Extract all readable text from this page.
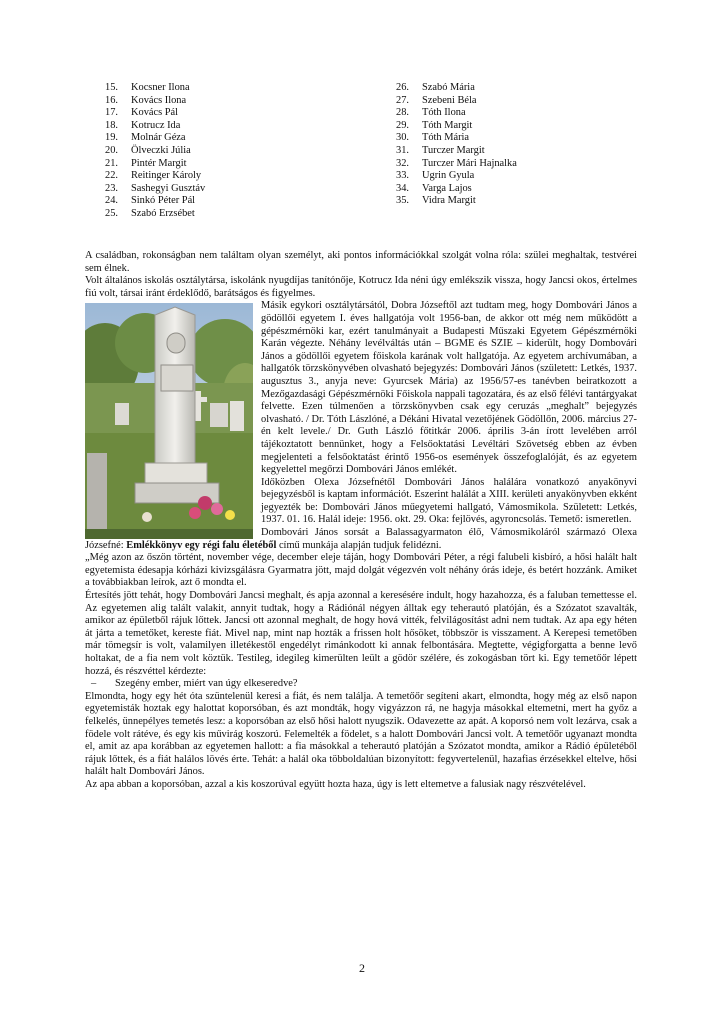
15. Kocsner Ilona
16. Kovács Ilona
17. Kovács Pál
18. Kotrucz Ida
19. Molnár Géza
20. Ölveczki Júlia
21. Pintér Margit
22. Reitinger Károly
23. Sashegyi Gusztáv
24. Sinkó Péter Pál
25. Szabó Erzsébet
26. Szabó Mária
27. Szebeni Béla
28. Tóth Ilona
29. Tóth Margit
30. Tóth Mária
31. Turczer Margit
32. Turczer Mári Hajnalka
33. Ugrin Gyula
34. Varga Lajos
35. Vidra Margit

A családban, rokonságban nem találtam olyan személyt, aki pontos információkkal szolgát volna róla: szülei meghaltak, testvérei sem élnek.

Volt általános iskolás osztálytársa, iskolánk nyugdíjas tanítónője, Kotrucz Ida néni úgy emlékszik vissza, hogy Jancsi okos, értelmes fiú volt, társai iránt érdeklődő, barátságos és figyelmes.

Másik egykori osztálytársától, Dobra Józseftől azt tudtam meg, hogy Dombovári János a gödöllői egyetem I. éves hallgatója volt 1956-ban, de akkor ott még nem működött a gépészmérnöki kar, ezért tanulmányait a Budapesti Műszaki Egyetem Gépészmérnöki Karán végezte. Néhány levélváltás után – BGME és SZIE – kiderült, hogy Dombovári János a gödöllői egyetem főiskola karának volt hallgatója. Az egyetem archívumában, a hallgatók törzskönyvében olvasható bejegyzés: Dombovári János (született: Letkés, 1937. augusztus 3., anyja neve: Gyurcsek Mária) az 1956/57-es tanévben beiratkozott a Mezőgazdasági Gépészmérnöki Főiskola nappali tagozatára, és az első félévi tantárgyakat felvette. Ezen túlmenően a törzskönyvben csak egy ceruzás „meghalt” bejegyzés olvasható. / Dr. Tóth Lászlóné, a Dékáni Hivatal vezetőjének Gödöllőn, 2006. március 27-én kelt levele./ Dr. Guth László főtitkár 2006. április 3-án írott levelében arról tájékoztatott bennünket, hogy a Felsőoktatási Levéltári Szövetség ebben az évben megjelenteti a felsőoktatást érintő 1956-os események összefoglalóját, és az egyetem kegyelettel megőrzi Dombovári János emlékét.

Időközben Olexa Józsefnétől Dombovári János halálára vonatkozó anyakönyvi bejegyzésből is kaptam információt. Eszerint halálát a XIII. kerületi anyakönyvben ekként jegyezték be: Dombovári János műegyetemi hallgató, Vámosmikola. Született: Letkés, 1937. 01. 16. Halál ideje: 1956. okt. 29. Oka: fejlövés, agyroncsolás. Temető: ismeretlen.

Dombovári János sorsát a Balassagyarmaton élő, Vámosmikoláról származó Olexa Józsefné: Emlékkönyv egy régi falu életéből című munkája alapján tudjuk felidézni.

„Még azon az őszön történt, november vége, december eleje táján, hogy Dombovári Péter, a régi falubeli kisbíró, a hősi halált halt egyetemista édesapja kórházi kivizsgálásra Gyarmatra jött, majd dolgát végezvén volt néhány órás ideje, és betért hozzánk. Amiket a továbbiakban leírok, azt ő mondta el.

Értesítés jött tehát, hogy Dombovári Jancsi meghalt, és apja azonnal a keresésére indult, hogy hazahozza, és a faluban temettesse el. Az egyetemen alig talált valakit, annyit tudtak, hogy a Rádiónál négyen álltak egy teherautó platóján, és a Szózatot szavalták, amikor az épületből rájuk lőttek. Jancsi ott azonnal meghalt, de hogy hová vitték, felvilágosítást adni nem tudtak. Az apa egy héten át járta a temetőket, kereste fiát. Mivel nap, mint nap hozták a frissen holt hősöket, többször is visszament. A Kerepesi temetőben már tömegsír is volt, valamilyen illetékestől engedélyt rimánkodott ki annak felbontására. Megtette, végigforgatta a benne levő holtakat, de a fia nem volt köztük. Testileg, idegileg kimerülten leült a gödör szélére, és zokogásban tört ki. Egy temetőőr lépett hozzá, és részvéttel kérdezte:

– Szegény ember, miért van úgy elkeseredve?

Elmondta, hogy egy hét óta szüntelenül keresi a fiát, és nem találja. A temetőőr segíteni akart, elmondta, hogy még az első napon egyetemisták hoztak egy halottat koporsóban, és azt mondták, hogy vigyázzon rá, ne hagyja másokkal eltemetni, mert ha győz a felkelés, ünnepélyes temetés lesz: a koporsóban az első hősi halott nyugszik. Odavezette az apát. A koporsó nem volt lezárva, csak a födele volt rátéve, és egy kis művirág koszorú. Felemelték a födelet, s a halott Dombovári Jancsi volt. A temetőőr ugyanazt mondta el, amit az apa korábban az egyetemen hallott: a fia másokkal a teherautó platóján a Szózatot mondta, amikor a Rádió épületéből rájuk lőttek, és a fiát halálos lövés érte. Tehát: a halál oka többoldalúan bizonyított: fegyvertelenül, hazafias érzésekkel eltelve, hősi halált halt Dombovári János.

Az apa abban a koporsóban, azzal a kis koszorúval együtt hozta haza, úgy is lett eltemetve a falusiak nagy részvételével.

2
